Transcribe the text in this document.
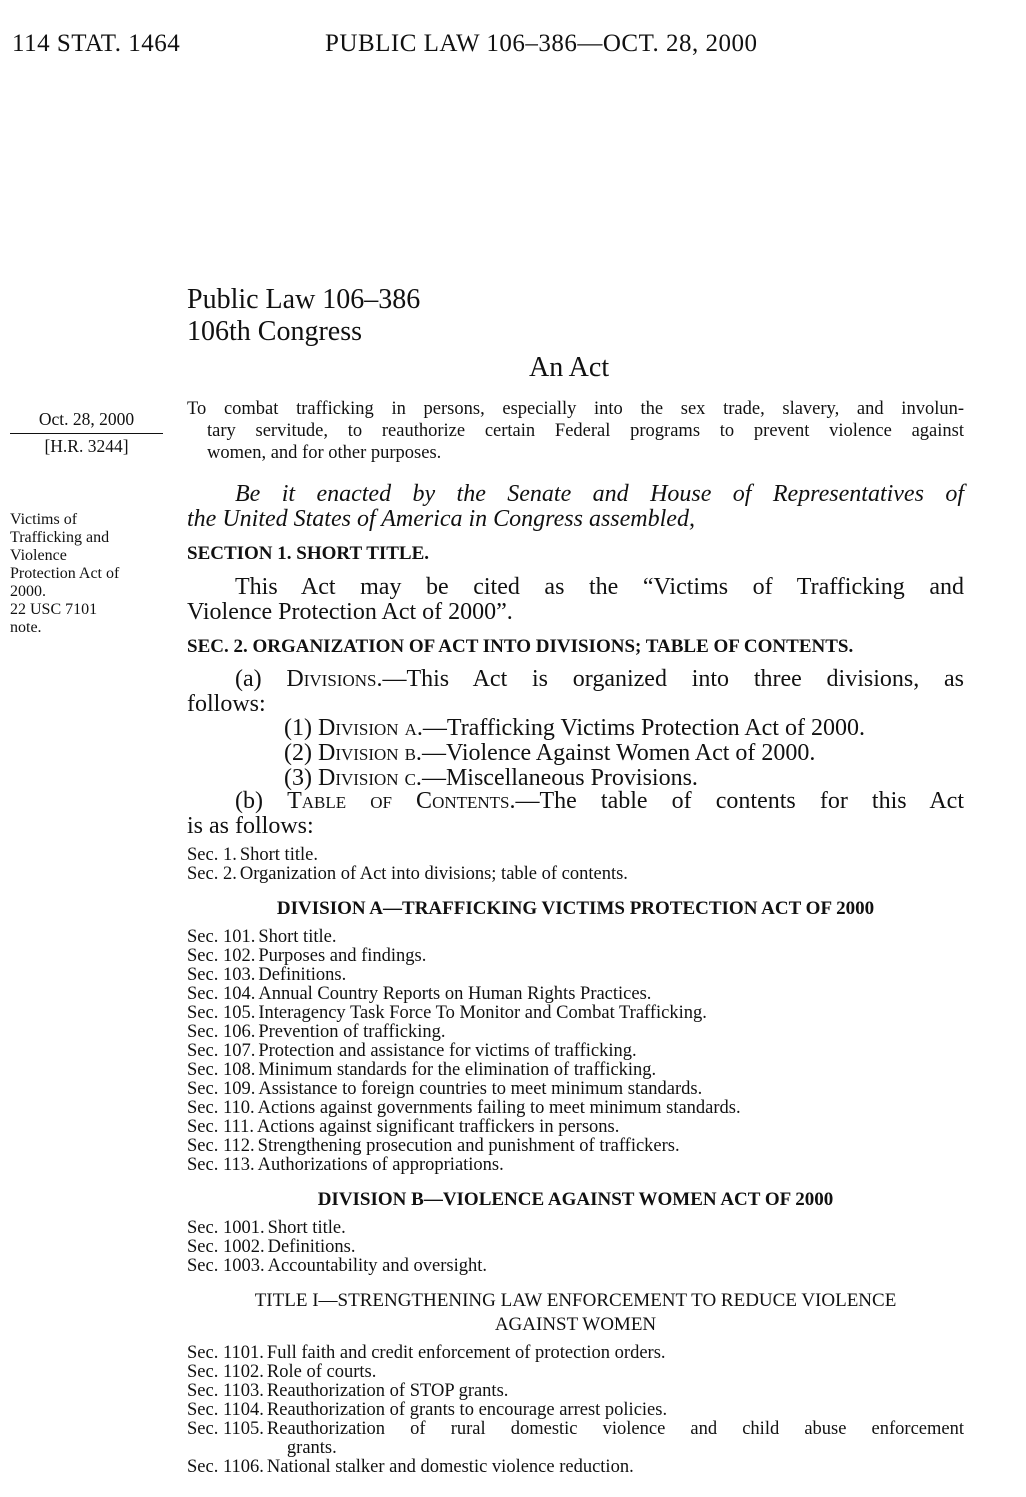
114 STAT. 1464	PUBLIC LAW 106–386—OCT. 28, 2000
Public Law 106–386
106th Congress
An Act
Oct. 28, 2000
[H.R. 3244]
Victims of
Trafficking and
Violence
Protection Act of
2000.
22 USC 7101
note.
To combat trafficking in persons, especially into the sex trade, slavery, and involun-
tary servitude, to reauthorize certain Federal programs to prevent violence against
women, and for other purposes.
Be it enacted by the Senate and House of Representatives of
the United States of America in Congress assembled,
SECTION 1. SHORT TITLE.
This Act may be cited as the “Victims of Trafficking and
Violence Protection Act of 2000”.
SEC. 2. ORGANIZATION OF ACT INTO DIVISIONS; TABLE OF CONTENTS.
(a) Divisions.—This Act is organized into three divisions, as
follows:
(1) Division a.—Trafficking Victims Protection Act of 2000.
(2) Division b.—Violence Against Women Act of 2000.
(3) Division c.—Miscellaneous Provisions.
(b) Table of Contents.—The table of contents for this Act
is as follows:
Sec. 1. Short title.
Sec. 2. Organization of Act into divisions; table of contents.
DIVISION A—TRAFFICKING VICTIMS PROTECTION ACT OF 2000
Sec. 101. Short title.
Sec. 102. Purposes and findings.
Sec. 103. Definitions.
Sec. 104. Annual Country Reports on Human Rights Practices.
Sec. 105. Interagency Task Force To Monitor and Combat Trafficking.
Sec. 106. Prevention of trafficking.
Sec. 107. Protection and assistance for victims of trafficking.
Sec. 108. Minimum standards for the elimination of trafficking.
Sec. 109. Assistance to foreign countries to meet minimum standards.
Sec. 110. Actions against governments failing to meet minimum standards.
Sec. 111. Actions against significant traffickers in persons.
Sec. 112. Strengthening prosecution and punishment of traffickers.
Sec. 113. Authorizations of appropriations.
DIVISION B—VIOLENCE AGAINST WOMEN ACT OF 2000
Sec. 1001. Short title.
Sec. 1002. Definitions.
Sec. 1003. Accountability and oversight.
TITLE I—STRENGTHENING LAW ENFORCEMENT TO REDUCE VIOLENCE
AGAINST WOMEN
Sec. 1101. Full faith and credit enforcement of protection orders.
Sec. 1102. Role of courts.
Sec. 1103. Reauthorization of STOP grants.
Sec. 1104. Reauthorization of grants to encourage arrest policies.
Sec. 1105. Reauthorization of rural domestic violence and child abuse enforcement
grants.
Sec. 1106. National stalker and domestic violence reduction.
